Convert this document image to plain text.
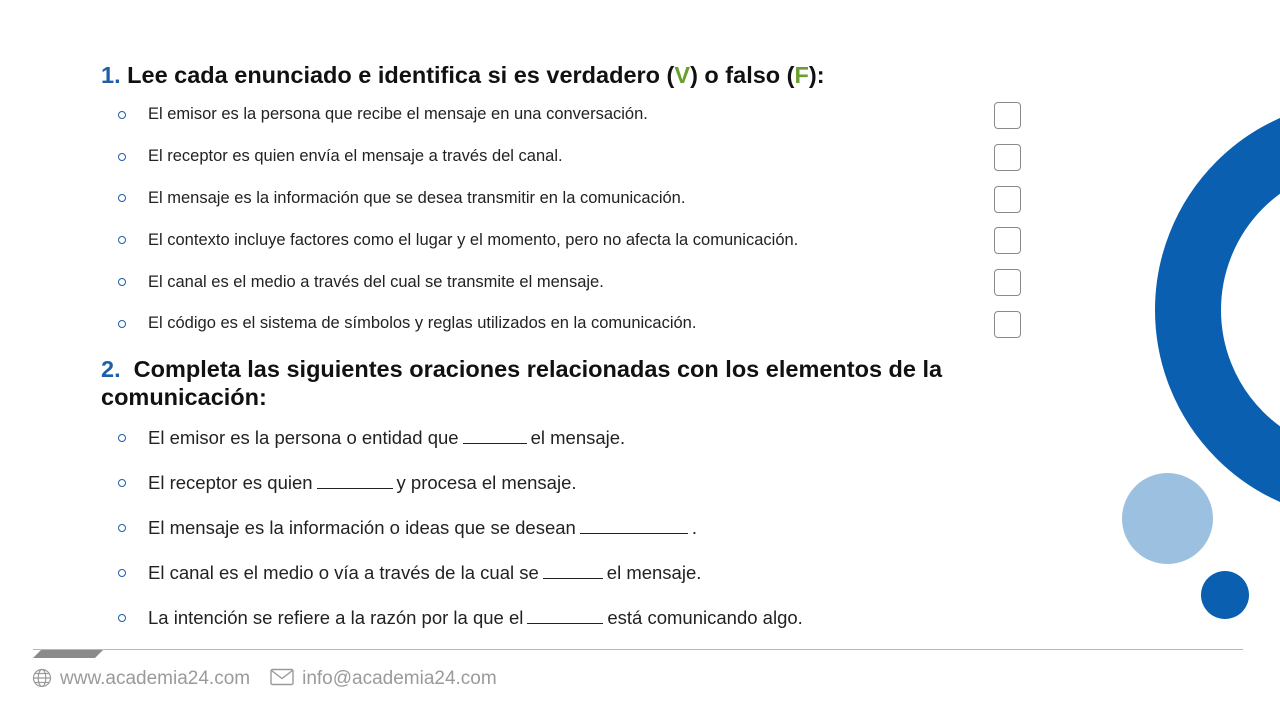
1. Lee cada enunciado e identifica si es verdadero (V) o falso (F):
El emisor es la persona que recibe el mensaje en una conversación.
El receptor es quien envía el mensaje a través del canal.
El mensaje es la información que se desea transmitir en la comunicación.
El contexto incluye factores como el lugar y el momento, pero no afecta la comunicación.
El canal es el medio a través del cual se transmite el mensaje.
El código es el sistema de símbolos y reglas utilizados en la comunicación.
2. Completa las siguientes oraciones relacionadas con los elementos de la comunicación:
El emisor es la persona o entidad que	el mensaje.
El receptor es quien	y procesa el mensaje.
El mensaje es la información o ideas que se desean	.
El canal es el medio o vía a través de la cual se	el mensaje.
La intención se refiere a la razón por la que el	está comunicando algo.
www.academia24.com	info@academia24.com
